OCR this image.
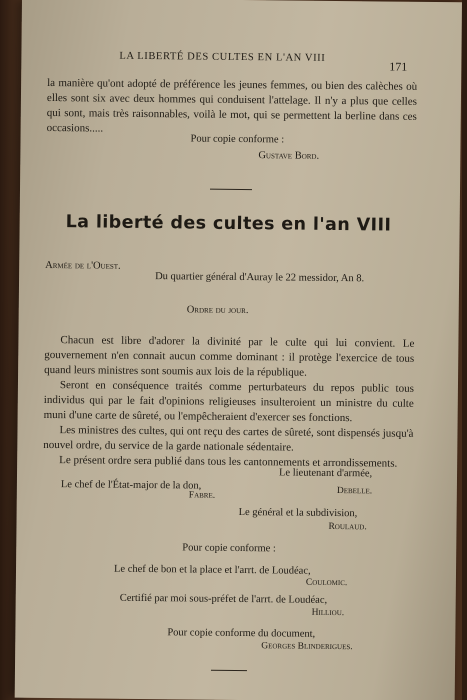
LA LIBERTÉ DES CULTES EN L'AN VIII
171

la manière qu'ont adopté de préférence les jeunes femmes, ou bien des calèches où elles sont six avec deux hommes qui conduisent l'attelage. Il n'y a plus que celles qui sont, mais très raisonnables, voilà le mot, qui se permettent la berline dans ces occasions.....

Pour copie conforme :
Gustave Bord.
La liberté des cultes en l'an VIII
Armée de l'Ouest.
Du quartier général d'Auray le 22 messidor, An 8.
Ordre du jour.

Chacun est libre d'adorer la divinité par le culte qui lui convient. Le gouvernement n'en connait aucun comme dominant : il protège l'exercice de tous quand leurs ministres sont soumis aux lois de la république.

Seront en conséquence traités comme perturbateurs du repos public tous individus qui par le fait d'opinions religieuses insulteroient un ministre du culte muni d'une carte de sûreté, ou l'empêcheraient d'exercer ses fonctions.

Les ministres des cultes, qui ont reçu des cartes de sûreté, sont dispensés jusqu'à nouvel ordre, du service de la garde nationale sédentaire.

Le présent ordre sera publié dans tous les cantonnements et arrondissements.

Le chef de l'État-major de la don,
Le lieutenant d'armée,
Fabre.	Debelle.
Le général et la subdivision,
Roulaud.
Pour copie conforme :
Le chef de bon et la place et l'arrt. de Loudéac,
Coulomic.
Certifié par moi sous-préfet de l'arrt. de Loudéac,
Hilliou.
Pour copie conforme du document,
Georges Blinderigues.
